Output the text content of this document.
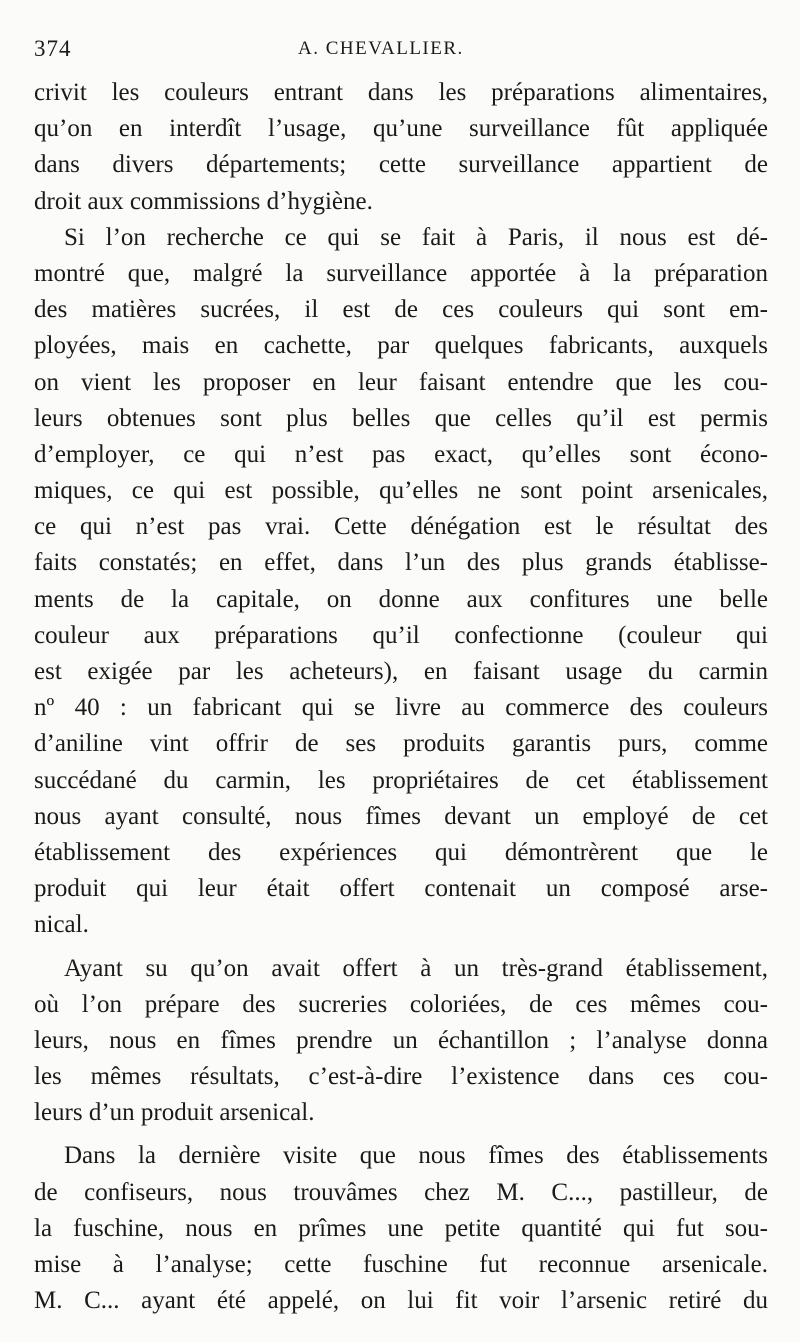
374	A. CHEVALLIER.
crivit les couleurs entrant dans les préparations alimentaires,
qu’on en interdît l’usage, qu’une surveillance fût appliquée
dans divers départements; cette surveillance appartient de
droit aux commissions d’hygiène.
Si l’on recherche ce qui se fait à Paris, il nous est dé-
montré que, malgré la surveillance apportée à la préparation
des matières sucrées, il est de ces couleurs qui sont em-
ployées, mais en cachette, par quelques fabricants, auxquels
on vient les proposer en leur faisant entendre que les cou-
leurs obtenues sont plus belles que celles qu’il est permis
d’employer, ce qui n’est pas exact, qu’elles sont écono-
miques, ce qui est possible, qu’elles ne sont point arsenicales,
ce qui n’est pas vrai. Cette dénégation est le résultat des
faits constatés; en effet, dans l’un des plus grands établisse-
ments de la capitale, on donne aux confitures une belle
couleur aux préparations qu’il confectionne (couleur qui
est exigée par les acheteurs), en faisant usage du carmin
nº 40 : un fabricant qui se livre au commerce des couleurs
d’aniline vint offrir de ses produits garantis purs, comme
succédané du carmin, les propriétaires de cet établissement
nous ayant consulté, nous fîmes devant un employé de cet
établissement des expériences qui démontrèrent que le
produit qui leur était offert contenait un composé arse-
nical.
Ayant su qu’on avait offert à un très-grand établissement,
où l’on prépare des sucreries coloriées, de ces mêmes cou-
leurs, nous en fîmes prendre un échantillon ; l’analyse donna
les mêmes résultats, c’est-à-dire l’existence dans ces cou-
leurs d’un produit arsenical.
Dans la dernière visite que nous fîmes des établissements
de confiseurs, nous trouvâmes chez M. C..., pastilleur, de
la fuschine, nous en prîmes une petite quantité qui fut sou-
mise à l’analyse; cette fuschine fut reconnue arsenicale.
M. C... ayant été appelé, on lui fit voir l’arsenic retiré du
